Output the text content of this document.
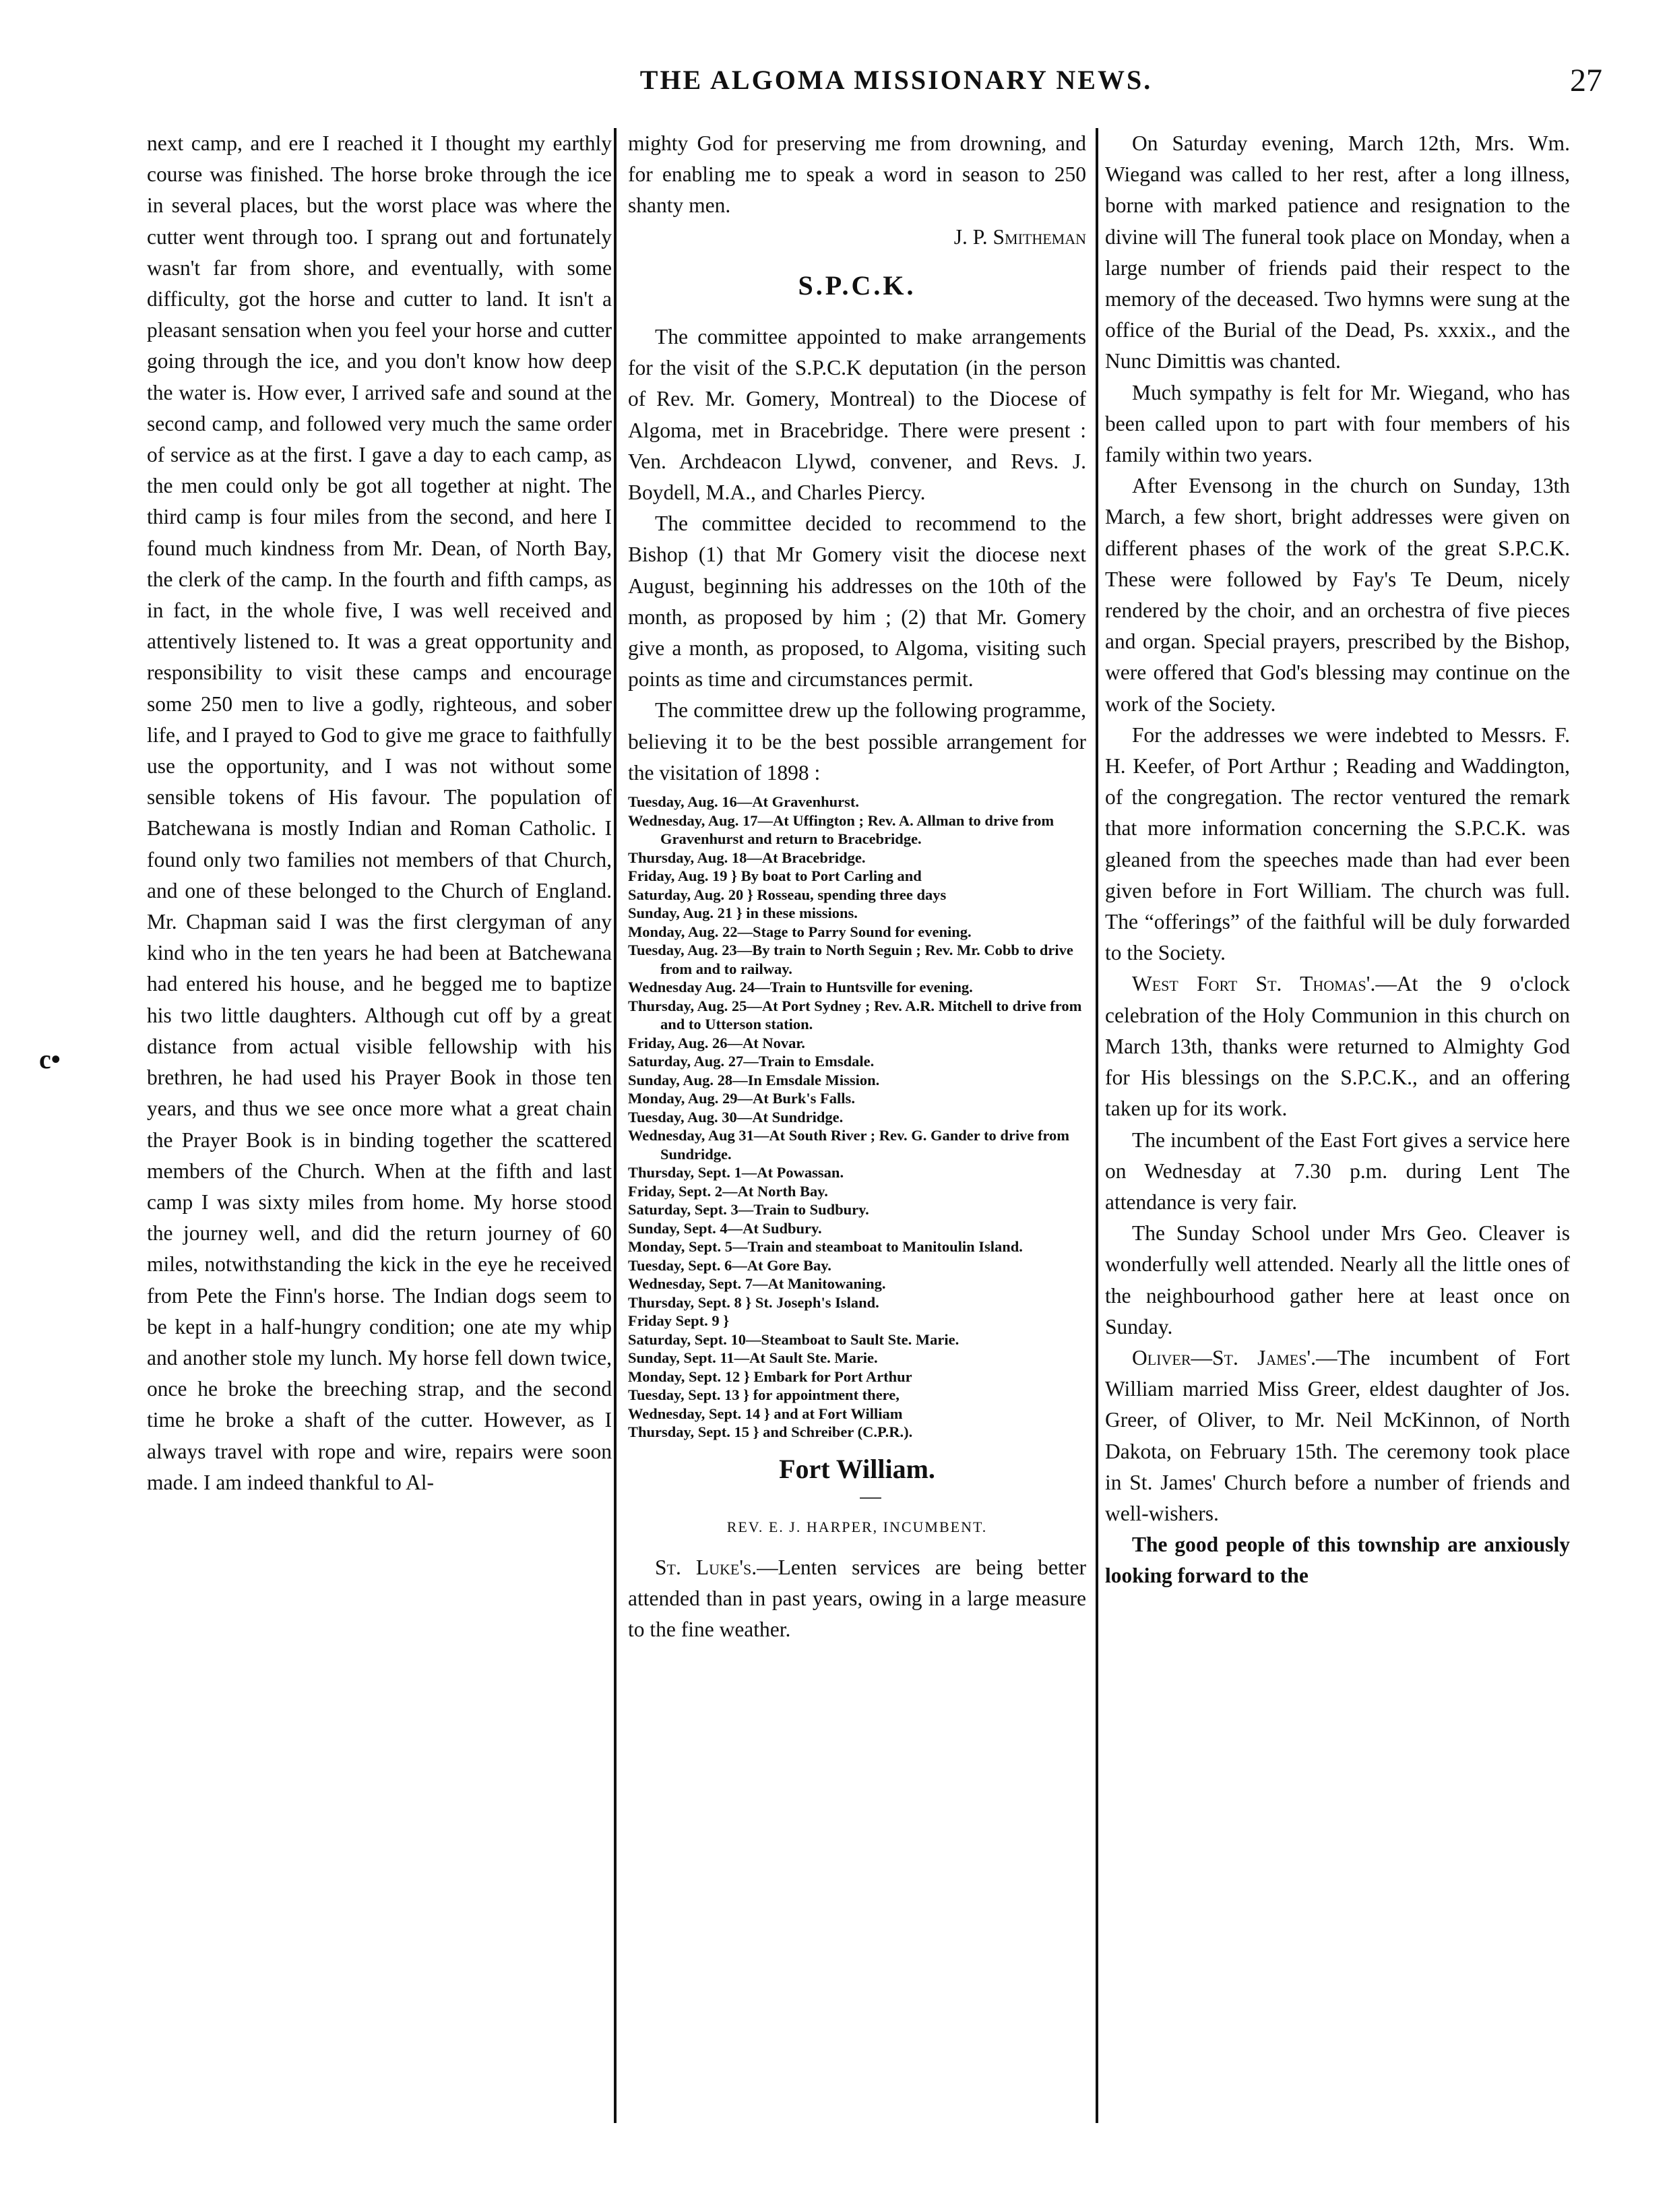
THE ALGOMA MISSIONARY NEWS.	27
c•

next camp, and ere I reached it I thought my earthly course was finished. The horse broke through the ice in several places, but the worst place was where the cutter went through too. I sprang out and fortunately wasn't far from shore, and eventually, with some difficulty, got the horse and cutter to land. It isn't a pleasant sensation when you feel your horse and cutter going through the ice, and you don't know how deep the water is. How ever, I arrived safe and sound at the second camp, and followed very much the same order of service as at the first. I gave a day to each camp, as the men could only be got all together at night. The third camp is four miles from the second, and here I found much kindness from Mr. Dean, of North Bay, the clerk of the camp. In the fourth and fifth camps, as in fact, in the whole five, I was well received and attentively listened to. It was a great opportunity and responsibility to visit these camps and encourage some 250 men to live a godly, righteous, and sober life, and I prayed to God to give me grace to faithfully use the opportunity, and I was not without some sensible tokens of His favour. The population of Batchewana is mostly Indian and Roman Catholic. I found only two families not members of that Church, and one of these belonged to the Church of England. Mr. Chapman said I was the first clergyman of any kind who in the ten years he had been at Batchewana had entered his house, and he begged me to baptize his two little daughters. Although cut off by a great distance from actual visible fellowship with his brethren, he had used his Prayer Book in those ten years, and thus we see once more what a great chain the Prayer Book is in binding together the scattered members of the Church. When at the fifth and last camp I was sixty miles from home. My horse stood the journey well, and did the return journey of 60 miles, notwithstanding the kick in the eye he received from Pete the Finn's horse. The Indian dogs seem to be kept in a half-hungry condition; one ate my whip and another stole my lunch. My horse fell down twice, once he broke the breeching strap, and the second time he broke a shaft of the cutter. However, as I always travel with rope and wire, repairs were soon made. I am indeed thankful to Al-

mighty God for preserving me from drowning, and for enabling me to speak a word in season to 250 shanty men.

J. P. Smitheman

S.P.C.K.

The committee appointed to make arrangements for the visit of the S.P.C.K deputation (in the person of Rev. Mr. Gomery, Montreal) to the Diocese of Algoma, met in Bracebridge. There were present : Ven. Archdeacon Llywd, convener, and Revs. J. Boydell, M.A., and Charles Piercy.

The committee decided to recommend to the Bishop (1) that Mr Gomery visit the diocese next August, beginning his addresses on the 10th of the month, as proposed by him ; (2) that Mr. Gomery give a month, as proposed, to Algoma, visiting such points as time and circumstances permit.

The committee drew up the following programme, believing it to be the best possible arrangement for the visitation of 1898 :

Tuesday, Aug. 16—At Gravenhurst.
Wednesday, Aug. 17—At Uffington ; Rev. A. Allman to drive from Gravenhurst and return to Bracebridge.
Thursday, Aug. 18—At Bracebridge.
Friday, Aug. 19 } By boat to Port Carling and
Saturday, Aug. 20 } Rosseau, spending three days
Sunday, Aug. 21 } in these missions.
Monday, Aug. 22—Stage to Parry Sound for evening.
Tuesday, Aug. 23—By train to North Seguin ; Rev. Mr. Cobb to drive from and to railway.
Wednesday Aug. 24—Train to Huntsville for evening.
Thursday, Aug. 25—At Port Sydney ; Rev. A.R. Mitchell to drive from and to Utterson station.
Friday, Aug. 26—At Novar.
Saturday, Aug. 27—Train to Emsdale.
Sunday, Aug. 28—In Emsdale Mission.
Monday, Aug. 29—At Burk's Falls.
Tuesday, Aug. 30—At Sundridge.
Wednesday, Aug 31—At South River ; Rev. G. Gander to drive from Sundridge.
Thursday, Sept. 1—At Powassan.
Friday, Sept. 2—At North Bay.
Saturday, Sept. 3—Train to Sudbury.
Sunday, Sept. 4—At Sudbury.
Monday, Sept. 5—Train and steamboat to Manitoulin Island.
Tuesday, Sept. 6—At Gore Bay.
Wednesday, Sept. 7—At Manitowaning.
Thursday, Sept. 8 } St. Joseph's Island.
Friday Sept. 9 }
Saturday, Sept. 10—Steamboat to Sault Ste. Marie.
Sunday, Sept. 11—At Sault Ste. Marie.
Monday, Sept. 12 } Embark for Port Arthur
Tuesday, Sept. 13 } for appointment there,
Wednesday, Sept. 14 } and at Fort William
Thursday, Sept. 15 } and Schreiber (C.P.R.).
Fort William.

—

REV. E. J. HARPER, INCUMBENT.

St. Luke's.—Lenten services are being better attended than in past years, owing in a large measure to the fine weather.

On Saturday evening, March 12th, Mrs. Wm. Wiegand was called to her rest, after a long illness, borne with marked patience and resignation to the divine will The funeral took place on Monday, when a large number of friends paid their respect to the memory of the deceased. Two hymns were sung at the office of the Burial of the Dead, Ps. xxxix., and the Nunc Dimittis was chanted.

Much sympathy is felt for Mr. Wiegand, who has been called upon to part with four members of his family within two years.

After Evensong in the church on Sunday, 13th March, a few short, bright addresses were given on different phases of the work of the great S.P.C.K. These were followed by Fay's Te Deum, nicely rendered by the choir, and an orchestra of five pieces and organ. Special prayers, prescribed by the Bishop, were offered that God's blessing may continue on the work of the Society.

For the addresses we were indebted to Messrs. F. H. Keefer, of Port Arthur ; Reading and Waddington, of the congregation. The rector ventured the remark that more information concerning the S.P.C.K. was gleaned from the speeches made than had ever been given before in Fort William. The church was full. The “offerings” of the faithful will be duly forwarded to the Society.

West Fort St. Thomas'.—At the 9 o'clock celebration of the Holy Communion in this church on March 13th, thanks were returned to Almighty God for His blessings on the S.P.C.K., and an offering taken up for its work.

The incumbent of the East Fort gives a service here on Wednesday at 7.30 p.m. during Lent The attendance is very fair.

The Sunday School under Mrs Geo. Cleaver is wonderfully well attended. Nearly all the little ones of the neighbourhood gather here at least once on Sunday.

Oliver—St. James'.—The incumbent of Fort William married Miss Greer, eldest daughter of Jos. Greer, of Oliver, to Mr. Neil McKinnon, of North Dakota, on February 15th. The ceremony took place in St. James' Church before a number of friends and well-wishers.

The good people of this township are anxiously looking forward to the
